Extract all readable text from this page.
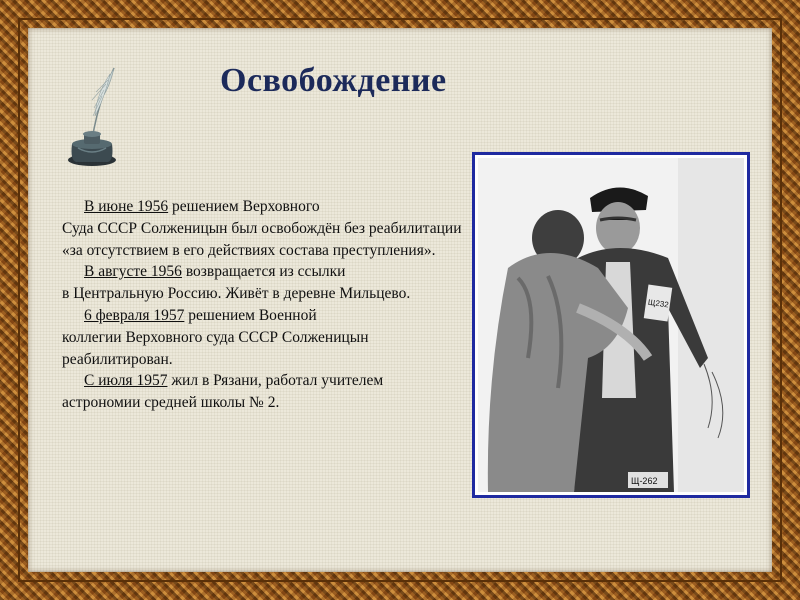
Освобождение

В июне 1956 решением Верховного
Суда СССР Солженицын был освобождён без реабилитации «за отсутствием в его действиях состава преступления».

В августе 1956 возвращается из ссылки
в Центральную Россию. Живёт в деревне Мильцево.

6 февраля 1957 решением Военной
коллегии Верховного суда СССР Солженицын реабилитирован.

С июля 1957 жил в Рязани, работал учителем
астрономии средней школы № 2.

Щ232
Щ-262
